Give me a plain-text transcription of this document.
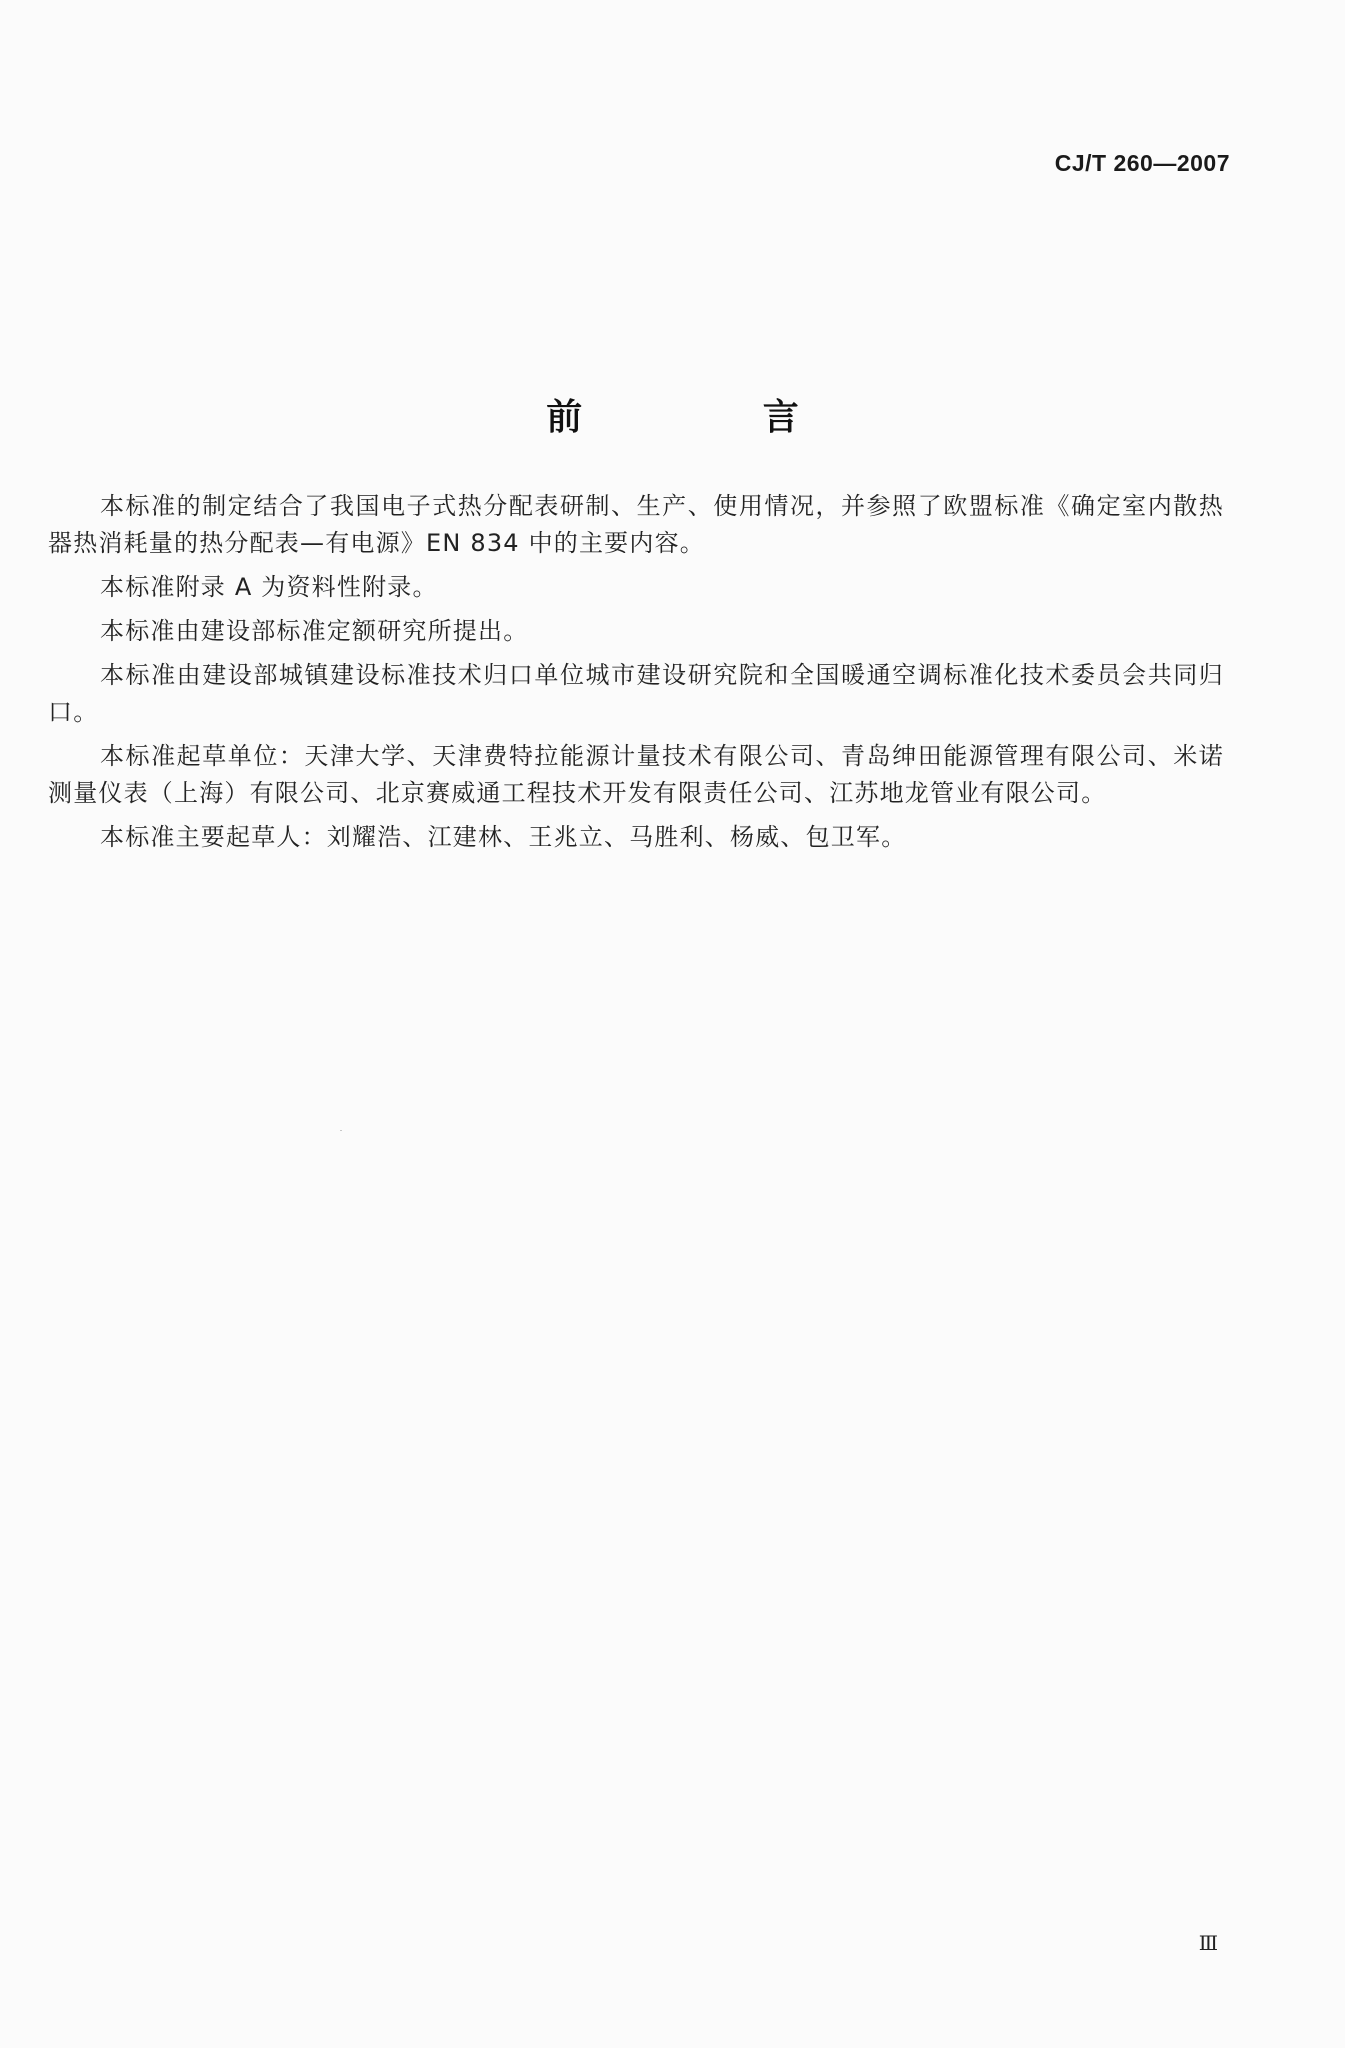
CJ/T 260—2007
前 言

本标准的制定结合了我国电子式热分配表研制、生产、使用情况，并参照了欧盟标准《确定室内散热器热消耗量的热分配表—有电源》EN 834 中的主要内容。

本标准附录 A 为资料性附录。

本标准由建设部标准定额研究所提出。

本标准由建设部城镇建设标准技术归口单位城市建设研究院和全国暖通空调标准化技术委员会共同归口。

本标准起草单位：天津大学、天津费特拉能源计量技术有限公司、青岛绅田能源管理有限公司、米诺测量仪表（上海）有限公司、北京赛威通工程技术开发有限责任公司、江苏地龙管业有限公司。

本标准主要起草人：刘耀浩、江建林、王兆立、马胜利、杨威、包卫军。

Ⅲ
